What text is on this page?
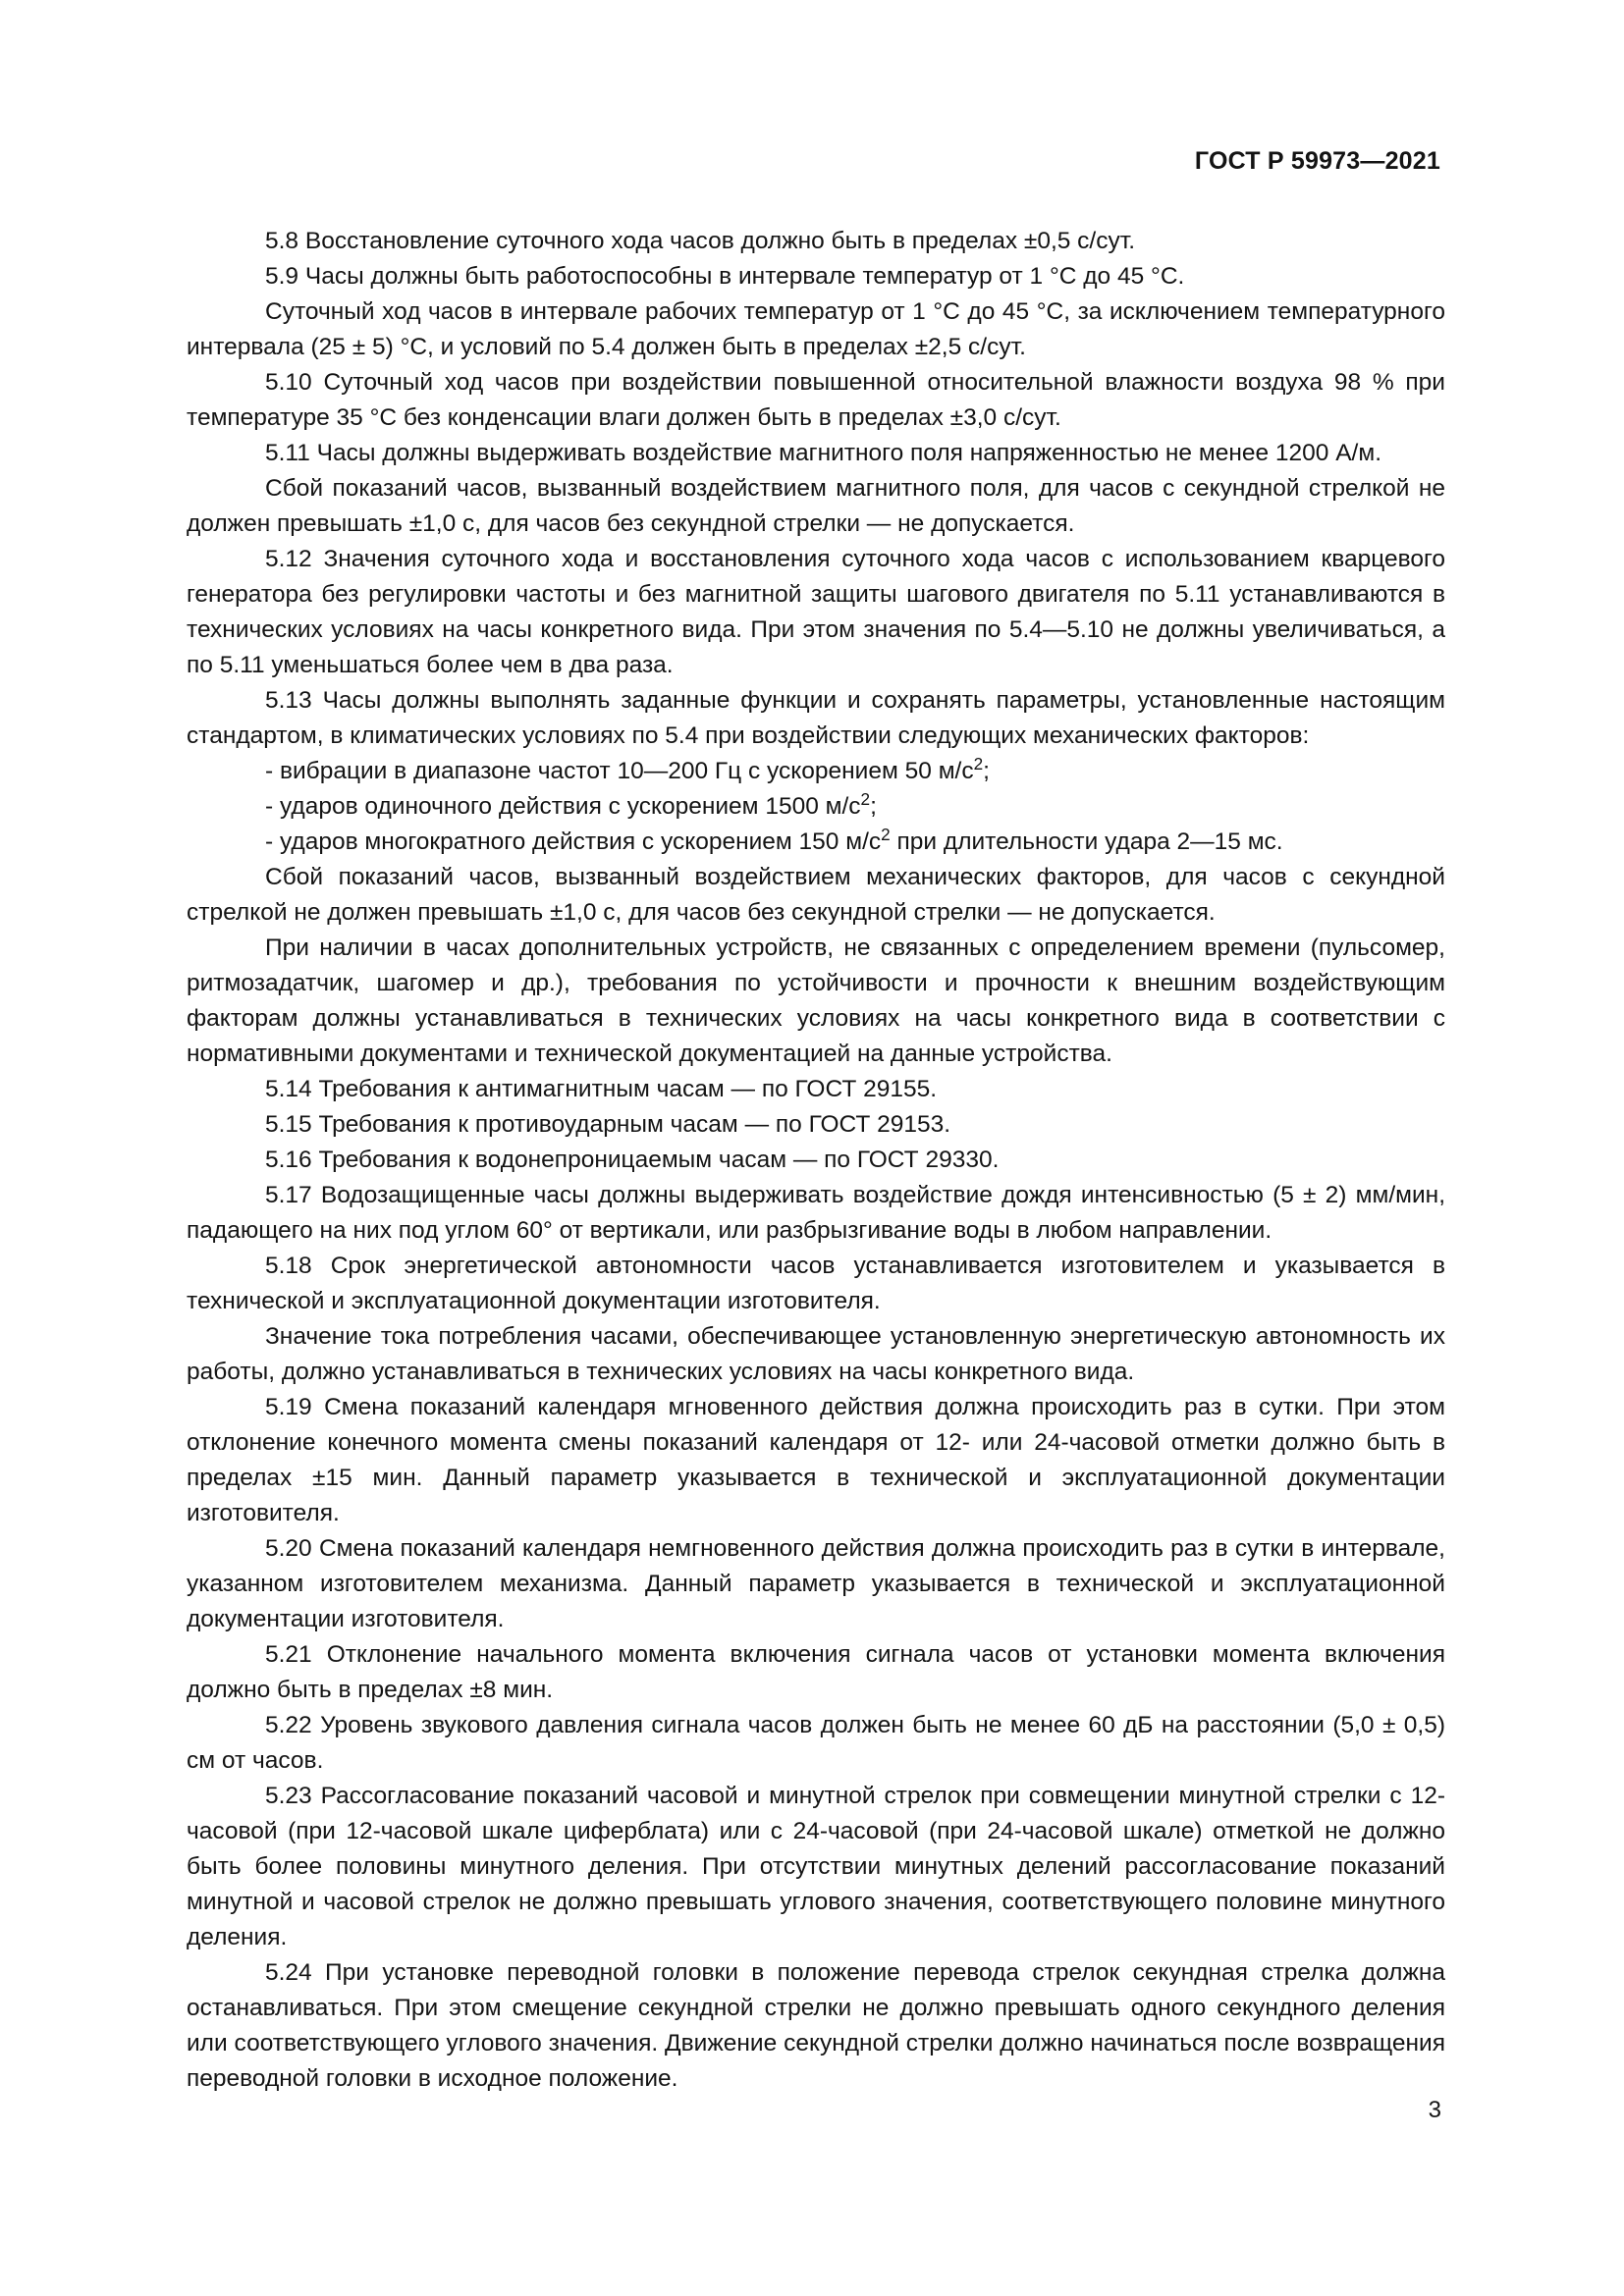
ГОСТ Р 59973—2021

5.8 Восстановление суточного хода часов должно быть в пределах ±0,5 с/сут.

5.9 Часы должны быть работоспособны в интервале температур от 1 °С до 45 °С.

Суточный ход часов в интервале рабочих температур от 1 °С до 45 °С, за исключением температурного интервала (25 ± 5) °С, и условий по 5.4 должен быть в пределах ±2,5 с/сут.

5.10 Суточный ход часов при воздействии повышенной относительной влажности воздуха 98 % при температуре 35 °С без конденсации влаги должен быть в пределах ±3,0 с/сут.

5.11 Часы должны выдерживать воздействие магнитного поля напряженностью не менее 1200 А/м.

Сбой показаний часов, вызванный воздействием магнитного поля, для часов с секундной стрелкой не должен превышать ±1,0 с, для часов без секундной стрелки — не допускается.

5.12 Значения суточного хода и восстановления суточного хода часов с использованием кварцевого генератора без регулировки частоты и без магнитной защиты шагового двигателя по 5.11 устанавливаются в технических условиях на часы конкретного вида. При этом значения по 5.4—5.10 не должны увеличиваться, а по 5.11 уменьшаться более чем в два раза.

5.13 Часы должны выполнять заданные функции и сохранять параметры, установленные настоящим стандартом, в климатических условиях по 5.4 при воздействии следующих механических факторов:

- вибрации в диапазоне частот 10—200 Гц с ускорением 50 $м/с^2$;

- ударов одиночного действия с ускорением 1500 $м/с^2$;

- ударов многократного действия с ускорением 150 $м/с^2$ при длительности удара 2—15 мс.

Сбой показаний часов, вызванный воздействием механических факторов, для часов с секундной стрелкой не должен превышать ±1,0 с, для часов без секундной стрелки — не допускается.

При наличии в часах дополнительных устройств, не связанных с определением времени (пульсомер, ритмозадатчик, шагомер и др.), требования по устойчивости и прочности к внешним воздействующим факторам должны устанавливаться в технических условиях на часы конкретного вида в соответствии с нормативными документами и технической документацией на данные устройства.

5.14 Требования к антимагнитным часам — по ГОСТ 29155.

5.15 Требования к противоударным часам — по ГОСТ 29153.

5.16 Требования к водонепроницаемым часам — по ГОСТ 29330.

5.17 Водозащищенные часы должны выдерживать воздействие дождя интенсивностью (5 ± 2) мм/мин, падающего на них под углом 60° от вертикали, или разбрызгивание воды в любом направлении.

5.18 Срок энергетической автономности часов устанавливается изготовителем и указывается в технической и эксплуатационной документации изготовителя.

Значение тока потребления часами, обеспечивающее установленную энергетическую автономность их работы, должно устанавливаться в технических условиях на часы конкретного вида.

5.19 Смена показаний календаря мгновенного действия должна происходить раз в сутки. При этом отклонение конечного момента смены показаний календаря от 12- или 24-часовой отметки должно быть в пределах ±15 мин. Данный параметр указывается в технической и эксплуатационной документации изготовителя.

5.20 Смена показаний календаря немгновенного действия должна происходить раз в сутки в интервале, указанном изготовителем механизма. Данный параметр указывается в технической и эксплуатационной документации изготовителя.

5.21 Отклонение начального момента включения сигнала часов от установки момента включения должно быть в пределах ±8 мин.

5.22 Уровень звукового давления сигнала часов должен быть не менее 60 дБ на расстоянии (5,0 ± 0,5) см от часов.

5.23 Рассогласование показаний часовой и минутной стрелок при совмещении минутной стрелки с 12-часовой (при 12-часовой шкале циферблата) или с 24-часовой (при 24-часовой шкале) отметкой не должно быть более половины минутного деления. При отсутствии минутных делений рассогласование показаний минутной и часовой стрелок не должно превышать углового значения, соответствующего половине минутного деления.

5.24 При установке переводной головки в положение перевода стрелок секундная стрелка должна останавливаться. При этом смещение секундной стрелки не должно превышать одного секундного деления или соответствующего углового значения. Движение секундной стрелки должно начинаться после возвращения переводной головки в исходное положение.

3
